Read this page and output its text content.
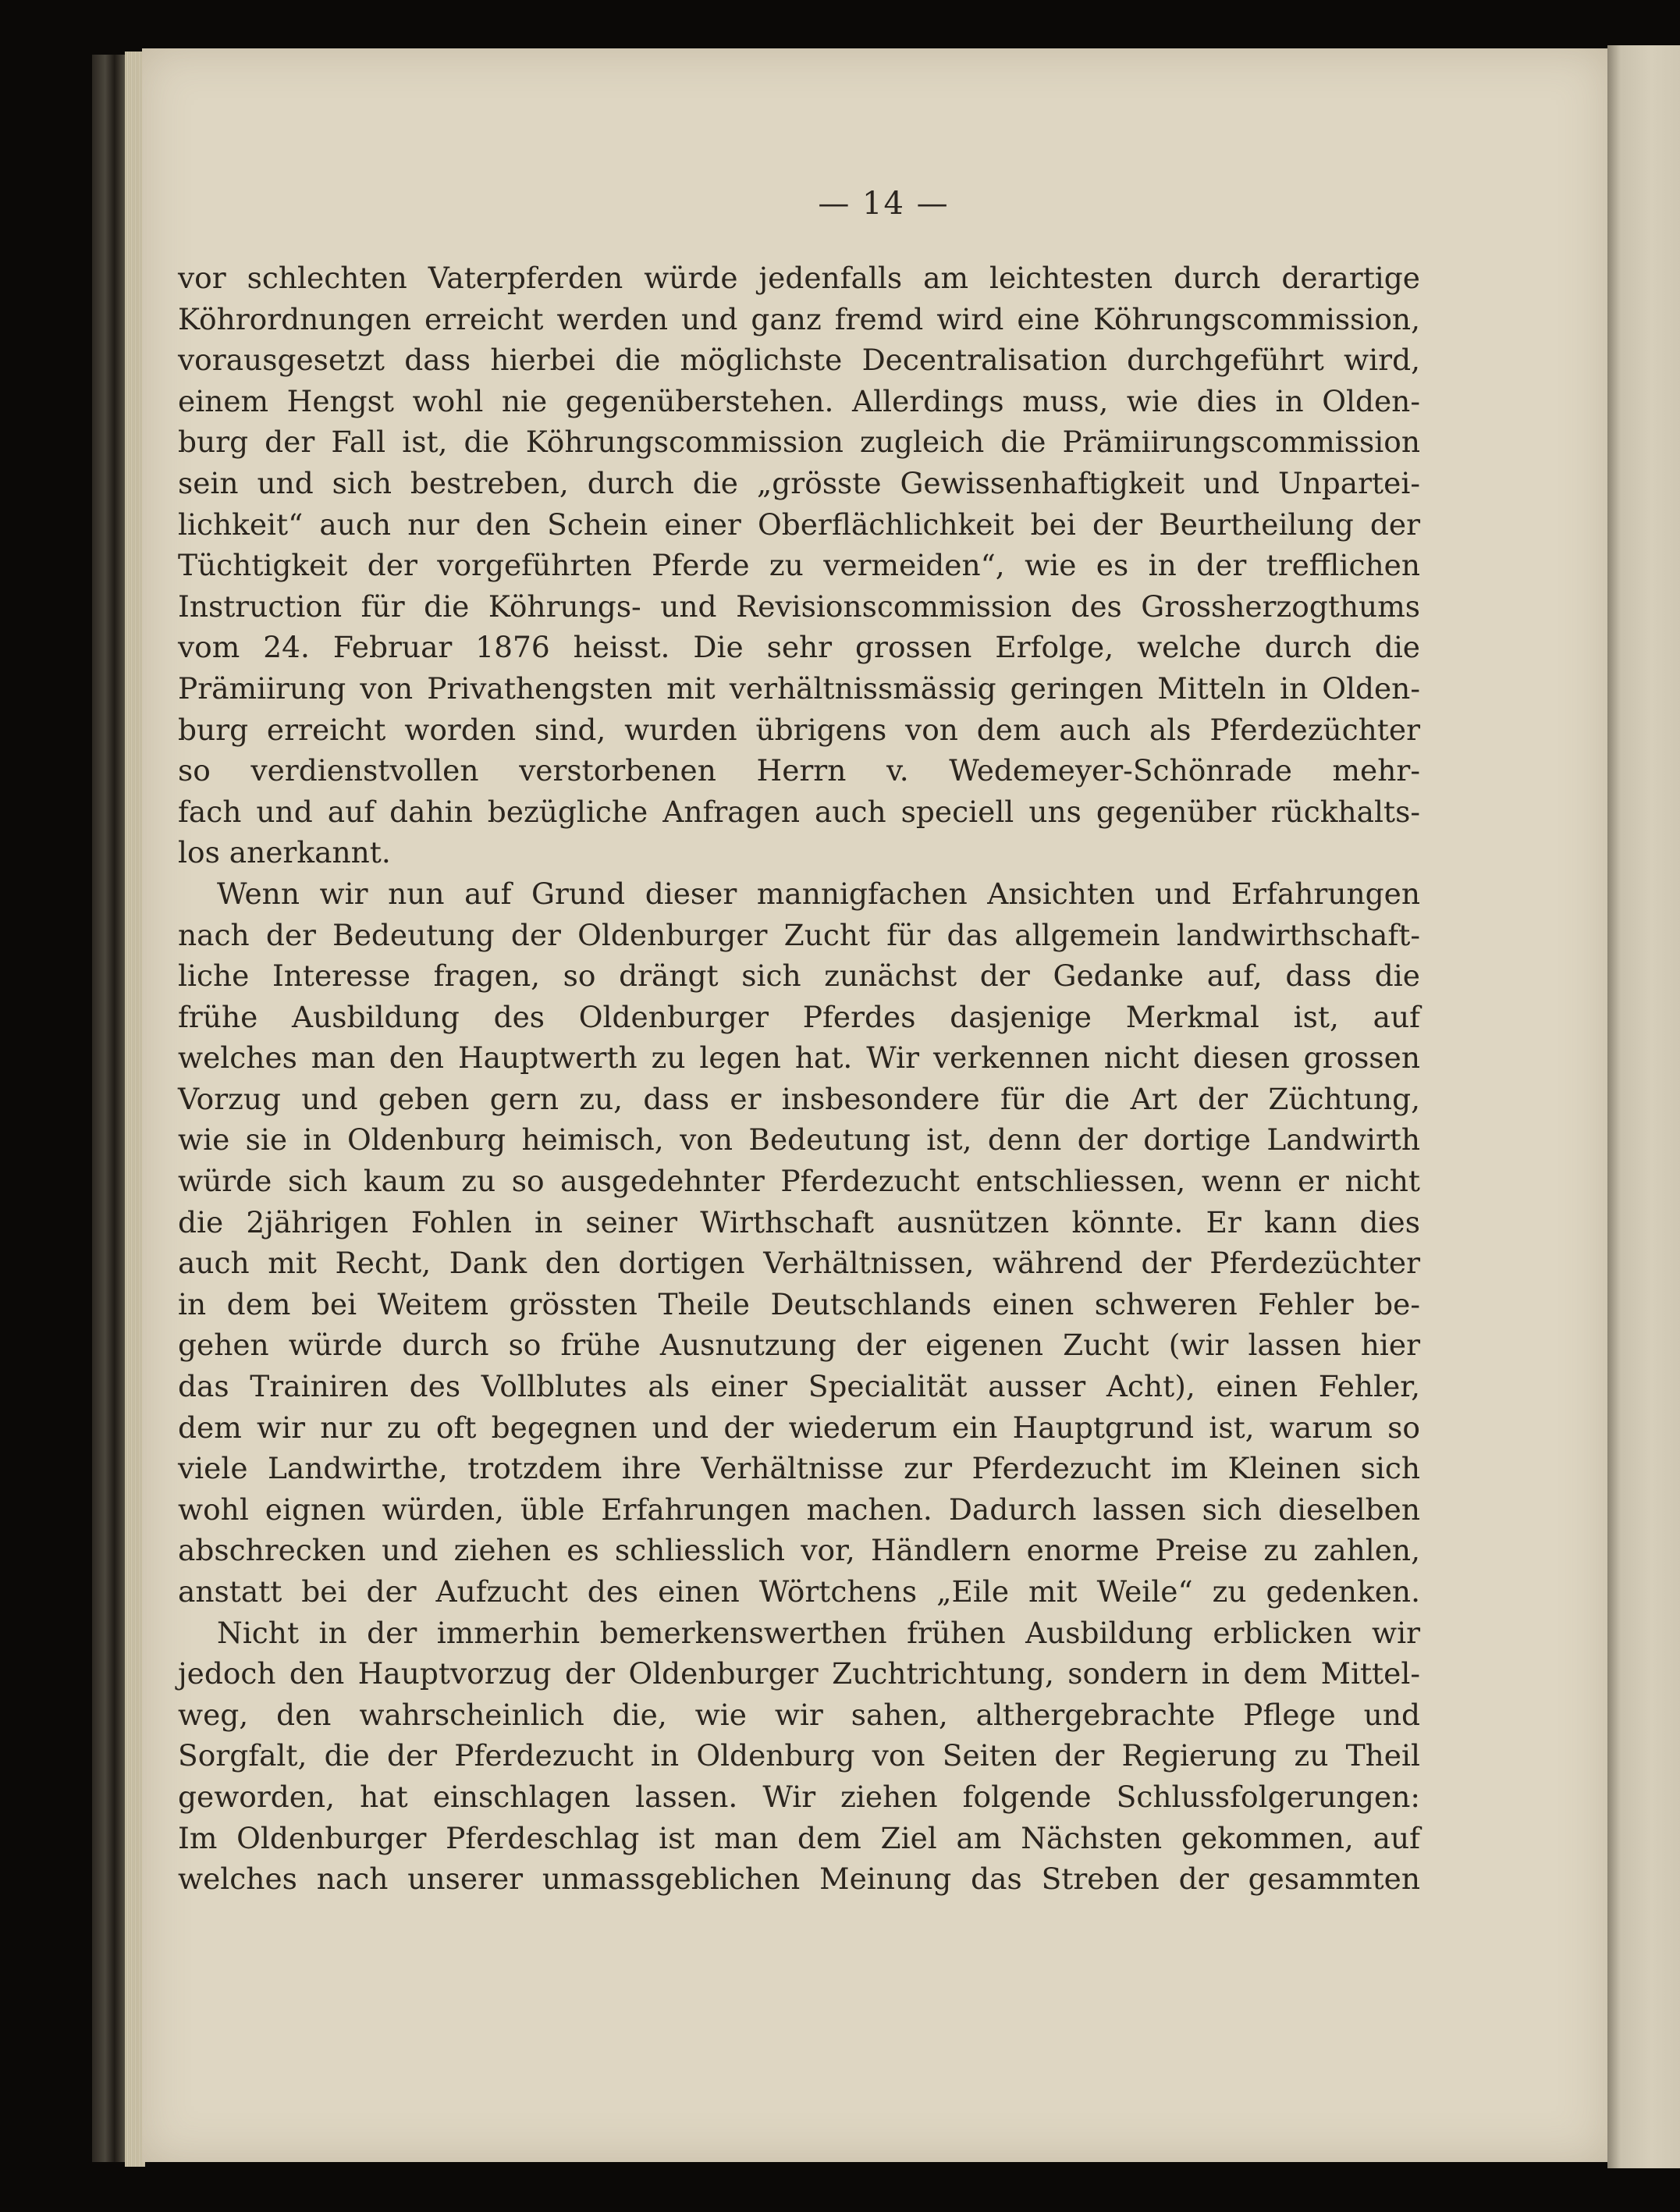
— 14 —

vor schlechten Vaterpferden würde jedenfalls am leichtesten durch derartige
Köhrordnungen erreicht werden und ganz fremd wird eine Köhrungscommission,
vorausgesetzt dass hierbei die möglichste Decentralisation durchgeführt wird,
einem Hengst wohl nie gegenüberstehen. Allerdings muss, wie dies in Olden-
burg der Fall ist, die Köhrungscommission zugleich die Prämiirungscommission
sein und sich bestreben, durch die „grösste Gewissenhaftigkeit und Unpartei-
lichkeit“ auch nur den Schein einer Oberflächlichkeit bei der Beurtheilung der
Tüchtigkeit der vorgeführten Pferde zu vermeiden“, wie es in der trefflichen
Instruction für die Köhrungs- und Revisionscommission des Grossherzogthums
vom 24. Februar 1876 heisst. Die sehr grossen Erfolge, welche durch die
Prämiirung von Privathengsten mit verhältnissmässig geringen Mitteln in Olden-
burg erreicht worden sind, wurden übrigens von dem auch als Pferdezüchter
so verdienstvollen verstorbenen Herrn v. Wedemeyer-Schönrade mehr-
fach und auf dahin bezügliche Anfragen auch speciell uns gegenüber rückhalts-
los anerkannt.

Wenn wir nun auf Grund dieser mannigfachen Ansichten und Erfahrungen
nach der Bedeutung der Oldenburger Zucht für das allgemein landwirthschaft-
liche Interesse fragen, so drängt sich zunächst der Gedanke auf, dass die
frühe Ausbildung des Oldenburger Pferdes dasjenige Merkmal ist, auf
welches man den Hauptwerth zu legen hat. Wir verkennen nicht diesen grossen
Vorzug und geben gern zu, dass er insbesondere für die Art der Züchtung,
wie sie in Oldenburg heimisch, von Bedeutung ist, denn der dortige Landwirth
würde sich kaum zu so ausgedehnter Pferdezucht entschliessen, wenn er nicht
die 2jährigen Fohlen in seiner Wirthschaft ausnützen könnte. Er kann dies
auch mit Recht, Dank den dortigen Verhältnissen, während der Pferdezüchter
in dem bei Weitem grössten Theile Deutschlands einen schweren Fehler be-
gehen würde durch so frühe Ausnutzung der eigenen Zucht (wir lassen hier
das Trainiren des Vollblutes als einer Specialität ausser Acht), einen Fehler,
dem wir nur zu oft begegnen und der wiederum ein Hauptgrund ist, warum so
viele Landwirthe, trotzdem ihre Verhältnisse zur Pferdezucht im Kleinen sich
wohl eignen würden, üble Erfahrungen machen. Dadurch lassen sich dieselben
abschrecken und ziehen es schliesslich vor, Händlern enorme Preise zu zahlen,
anstatt bei der Aufzucht des einen Wörtchens „Eile mit Weile“ zu gedenken.

Nicht in der immerhin bemerkenswerthen frühen Ausbildung erblicken wir
jedoch den Hauptvorzug der Oldenburger Zuchtrichtung, sondern in dem Mittel-
weg, den wahrscheinlich die, wie wir sahen, althergebrachte Pflege und
Sorgfalt, die der Pferdezucht in Oldenburg von Seiten der Regierung zu Theil
geworden, hat einschlagen lassen. Wir ziehen folgende Schlussfolgerungen:
Im Oldenburger Pferdeschlag ist man dem Ziel am Nächsten gekommen, auf
welches nach unserer unmassgeblichen Meinung das Streben der gesammten
